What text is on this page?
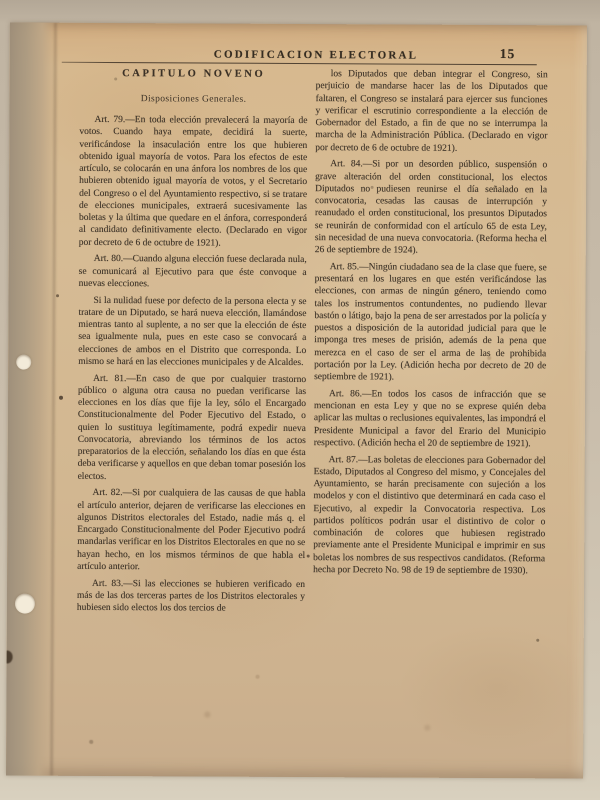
CODIFICACION ELECTORAL	15
CAPITULO NOVENO
Disposiciones Generales.

Art. 79.—En toda elección prevalecerá la mayoría de votos. Cuando haya empate, decidirá la suerte, verificándose la insaculación entre los que hubieren obtenido igual mayoría de votos. Para los efectos de este artículo, se colocarán en una ánfora los nombres de los que hubieren obtenido igual mayoría de votos, y el Secretario del Congreso o el del Ayuntamiento respectivo, si se tratare de elecciones municipales, extraerá sucesivamente las boletas y la última que quedare en el ánfora, corresponderá al candidato definitivamente electo. (Declarado en vigor por decreto de 6 de octubre de 1921).

Art. 80.—Cuando alguna elección fuese declarada nula, se comunicará al Ejecutivo para que éste convoque a nuevas elecciones.

Si la nulidad fuese por defecto de la persona electa y se tratare de un Diputado, se hará nueva elección, llamándose mientras tanto al suplente, a no ser que la elección de éste sea igualmente nula, pues en este caso se convocará a elecciones de ambos en el Distrito que corresponda. Lo mismo se hará en las elecciones municipales y de Alcaldes.

Art. 81.—En caso de que por cualquier trastorno público o alguna otra causa no puedan verificarse las elecciones en los días que fije la ley, sólo el Encargado Constitucionalmente del Poder Ejecutivo del Estado, o quien lo sustituya legítimamente, podrá expedir nueva Convocatoria, abreviando los términos de los actos preparatorios de la elección, señalando los días en que ésta deba verificarse y aquellos en que deban tomar posesión los electos.

Art. 82.—Si por cualquiera de las causas de que habla el artículo anterior, dejaren de verificarse las elecciones en algunos Distritos electorales del Estado, nadie más q. el Encargado Constitucionalmente del Poder Ejecutivo podrá mandarlas verificar en los Distritos Electorales en que no se hayan hecho, en los mismos términos de que habla el artículo anterior.

Art. 83.—Si las elecciones se hubieren verificado en más de las dos terceras partes de los Distritos electorales y hubiesen sido electos los dos tercios de

los Diputados que deban integrar el Congreso, sin perjuicio de mandarse hacer las de los Diputados que faltaren, el Congreso se instalará para ejercer sus funciones y verificar el escrutinio correspondiente a la elección de Gobernador del Estado, a fin de que no se interrumpa la marcha de la Administración Pública. (Declarado en vigor por decreto de 6 de octubre de 1921).

Art. 84.—Si por un desorden público, suspensión o grave alteración del orden constitucional, los electos Diputados no pudiesen reunirse el día señalado en la convocatoria, cesadas las causas de interrupción y reanudado el orden constitucional, los presuntos Diputados se reunirán de conformidad con el artículo 65 de esta Ley, sin necesidad de una nueva convocatoria. (Reforma hecha el 26 de septiembre de 1924).

Art. 85.—Ningún ciudadano sea de la clase que fuere, se presentará en los lugares en que estén verificándose las elecciones, con armas de ningún género, teniendo como tales los instrumentos contundentes, no pudiendo llevar bastón o látigo, bajo la pena de ser arrestados por la policía y puestos a disposición de la autoridad judicial para que le imponga tres meses de prisión, además de la pena que merezca en el caso de ser el arma de las de prohibida portación por la Ley. (Adición hecha por decreto de 20 de septiembre de 1921).

Art. 86.—En todos los casos de infracción que se mencionan en esta Ley y que no se exprese quién deba aplicar las multas o reclusiones equivalentes, las impondrá el Presidente Municipal a favor del Erario del Municipio respectivo. (Adición hecha el 20 de septiembre de 1921).

Art. 87.—Las boletas de elecciones para Gobernador del Estado, Diputados al Congreso del mismo, y Concejales del Ayuntamiento, se harán precisamente con sujeción a los modelos y con el distintivo que determinará en cada caso el Ejecutivo, al expedir la Convocatoria respectiva. Los partidos políticos podrán usar el distintivo de color o combinación de colores que hubiesen registrado previamente ante el Presidente Municipal e imprimir en sus boletas los nombres de sus respectivos candidatos. (Reforma hecha por Decreto No. 98 de 19 de septiembre de 1930).
